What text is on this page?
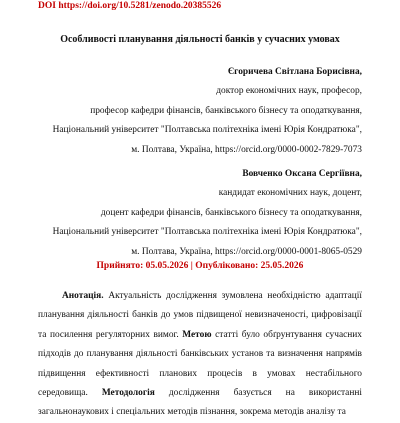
DOI https://doi.org/10.5281/zenodo.20385526
Особливості планування діяльності банків у сучасних умовах
Єгоричева Світлана Борисівна,
доктор економічних наук, професор,
професор кафедри фінансів, банківського бізнесу та оподаткування,
Національний університет "Полтавська політехніка імені Юрія Кондратюка",
м. Полтава, Україна, https://orcid.org/0000-0002-7829-7073
Вовченко Оксана Сергіївна,
кандидат економічних наук, доцент,
доцент кафедри фінансів, банківського бізнесу та оподаткування,
Національний університет "Полтавська політехніка імені Юрія Кондратюка",
м. Полтава, Україна, https://orcid.org/0000-0001-8065-0529
Прийнято: 05.05.2026 | Опубліковано: 25.05.2026

Анотація. Актуальність дослідження зумовлена необхідністю адаптації планування діяльності банків до умов підвищеної невизначеності, цифровізації та посилення регуляторних вимог. Метою статті було обґрунтування сучасних підходів до планування діяльності банківських установ та визначення напрямів підвищення ефективності планових процесів в умовах нестабільного середовища. Методологія дослідження базується на використанні загальнонаукових і спеціальних методів пізнання, зокрема методів аналізу та
